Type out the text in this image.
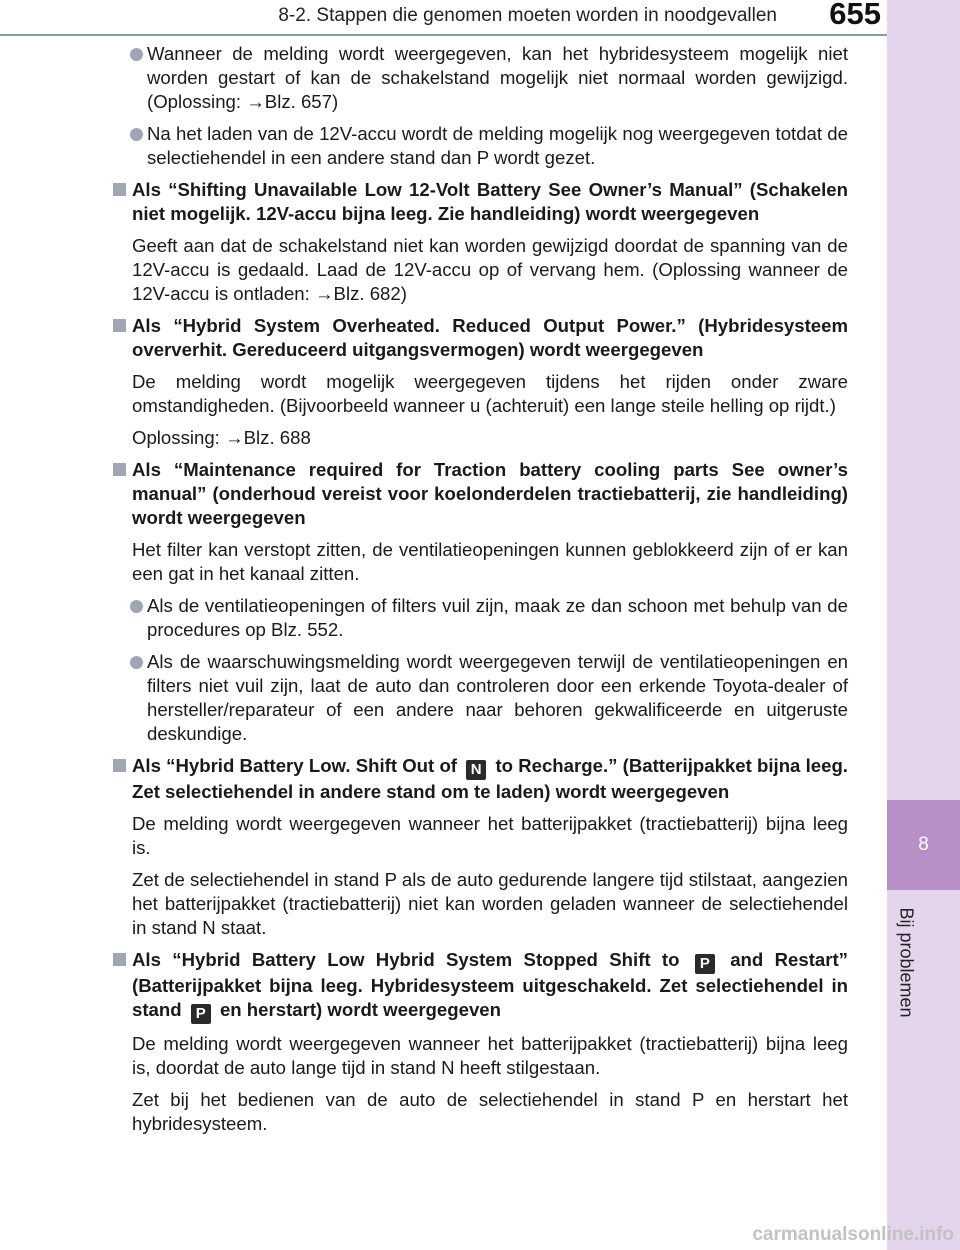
8-2. Stappen die genomen moeten worden in noodgevallen 655
8
Bij problemen
Wanneer de melding wordt weergegeven, kan het hybridesysteem mogelijk niet worden gestart of kan de schakelstand mogelijk niet normaal worden gewijzigd. (Oplossing: →Blz. 657)
Na het laden van de 12V-accu wordt de melding mogelijk nog weergegeven totdat de selectiehendel in een andere stand dan P wordt gezet.
Als “Shifting Unavailable Low 12-Volt Battery See Owner’s Manual” (Schakelen niet mogelijk. 12V-accu bijna leeg. Zie handleiding) wordt weergegeven
Geeft aan dat de schakelstand niet kan worden gewijzigd doordat de spanning van de 12V-accu is gedaald. Laad de 12V-accu op of vervang hem. (Oplossing wanneer de 12V-accu is ontladen: →Blz. 682)
Als “Hybrid System Overheated. Reduced Output Power.” (Hybridesysteem oververhit. Gereduceerd uitgangsvermogen) wordt weergegeven
De melding wordt mogelijk weergegeven tijdens het rijden onder zware omstandigheden. (Bijvoorbeeld wanneer u (achteruit) een lange steile helling op rijdt.)
Oplossing: →Blz. 688
Als “Maintenance required for Traction battery cooling parts See owner’s manual” (onderhoud vereist voor koelonderdelen tractiebatterij, zie handleiding) wordt weergegeven
Het filter kan verstopt zitten, de ventilatieopeningen kunnen geblokkeerd zijn of er kan een gat in het kanaal zitten.
Als de ventilatieopeningen of filters vuil zijn, maak ze dan schoon met behulp van de procedures op Blz. 552.
Als de waarschuwingsmelding wordt weergegeven terwijl de ventilatieopeningen en filters niet vuil zijn, laat de auto dan controleren door een erkende Toyota-dealer of hersteller/reparateur of een andere naar behoren gekwalificeerde en uitgeruste deskundige.
Als “Hybrid Battery Low. Shift Out of N to Recharge.” (Batterijpakket bijna leeg. Zet selectiehendel in andere stand om te laden) wordt weergegeven
De melding wordt weergegeven wanneer het batterijpakket (tractiebatterij) bijna leeg is.
Zet de selectiehendel in stand P als de auto gedurende langere tijd stilstaat, aangezien het batterijpakket (tractiebatterij) niet kan worden geladen wanneer de selectiehendel in stand N staat.
Als “Hybrid Battery Low Hybrid System Stopped Shift to P and Restart” (Batterijpakket bijna leeg. Hybridesysteem uitgeschakeld. Zet selectiehendel in stand P en herstart) wordt weergegeven
De melding wordt weergegeven wanneer het batterijpakket (tractiebatterij) bijna leeg is, doordat de auto lange tijd in stand N heeft stilgestaan.
Zet bij het bedienen van de auto de selectiehendel in stand P en herstart het hybridesysteem.
carmanualsonline.info
